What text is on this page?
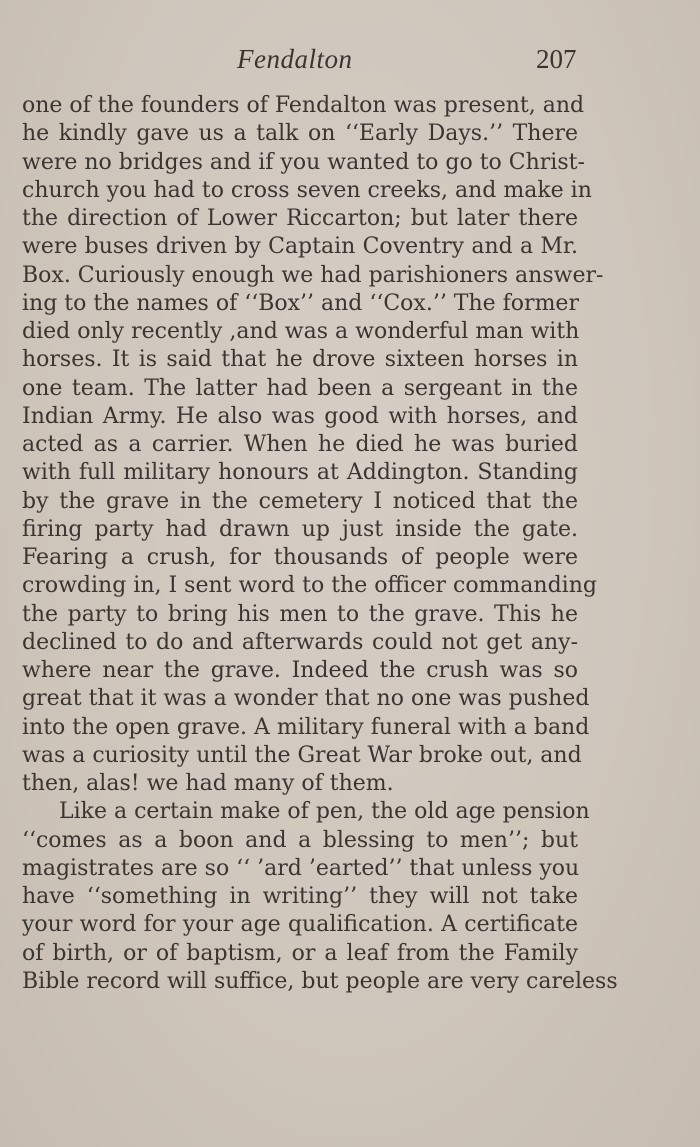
Fendalton	207
one of the founders of Fendalton was present, and
he kindly gave us a talk on ‘‘Early Days.’’ There
were no bridges and if you wanted to go to Christ-
church you had to cross seven creeks, and make in
the direction of Lower Riccarton; but later there
were buses driven by Captain Coventry and a Mr.
Box. Curiously enough we had parishioners answer-
ing to the names of ‘‘Box’’ and ‘‘Cox.’’ The former
died only recently ,and was a wonderful man with
horses. It is said that he drove sixteen horses in
one team. The latter had been a sergeant in the
Indian Army. He also was good with horses, and
acted as a carrier. When he died he was buried
with full military honours at Addington. Standing
by the grave in the cemetery I noticed that the
firing party had drawn up just inside the gate.
Fearing a crush, for thousands of people were
crowding in, I sent word to the officer commanding
the party to bring his men to the grave. This he
declined to do and afterwards could not get any-
where near the grave. Indeed the crush was so
great that it was a wonder that no one was pushed
into the open grave. A military funeral with a band
was a curiosity until the Great War broke out, and
then, alas! we had many of them.
Like a certain make of pen, the old age pension
‘‘comes as a boon and a blessing to men’’; but
magistrates are so ‘‘ ’ard ’earted’’ that unless you
have ‘‘something in writing’’ they will not take
your word for your age qualification. A certificate
of birth, or of baptism, or a leaf from the Family
Bible record will suffice, but people are very careless
